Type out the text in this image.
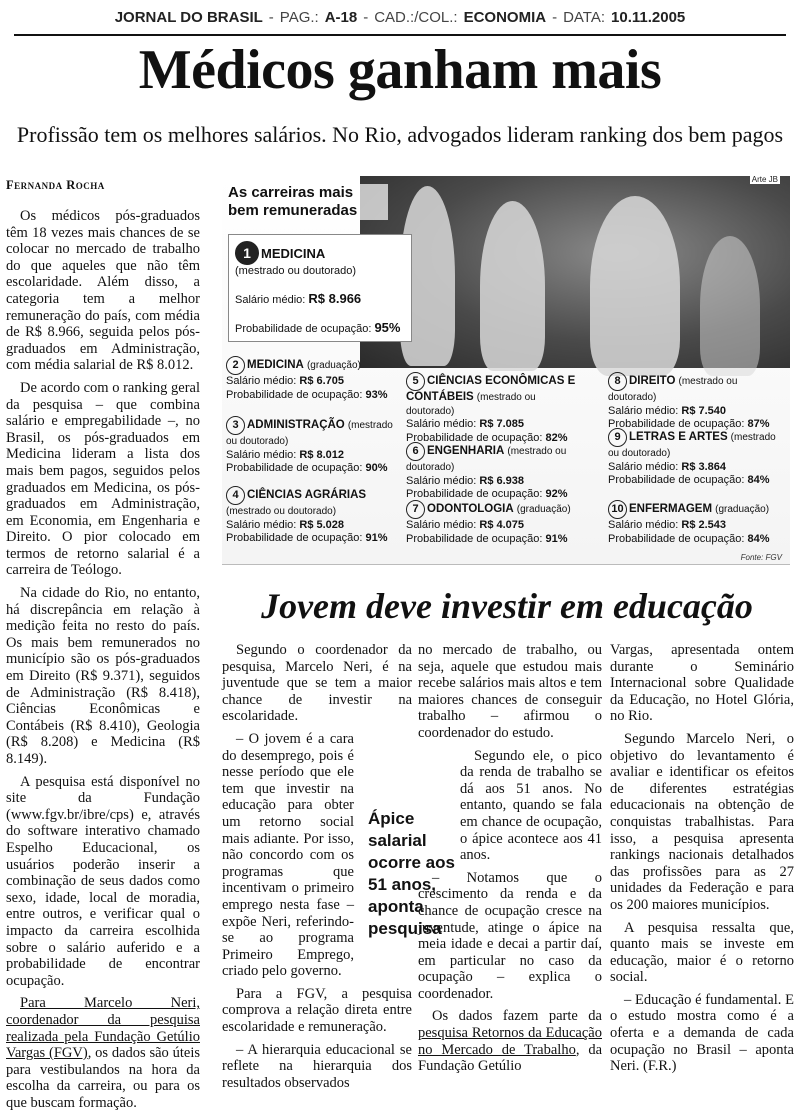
JORNAL DO BRASIL - PAG.: A-18 - CAD.:/COL.: ECONOMIA - DATA: 10.11.2005
Médicos ganham mais
Profissão tem os melhores salários. No Rio, advogados lideram ranking dos bem pagos
Fernanda Rocha

Os médicos pós-graduados têm 18 vezes mais chances de se colocar no mercado de trabalho do que aqueles que não têm escolaridade. Além disso, a categoria tem a melhor remuneração do país, com média de R$ 8.966, seguida pelos pós-graduados em Administração, com média salarial de R$ 8.012.

De acordo com o ranking geral da pesquisa – que combina salário e empregabilidade –, no Brasil, os pós-graduados em Medicina lideram a lista dos mais bem pagos, seguidos pelos graduados em Medicina, os pós-graduados em Administração, em Economia, em Engenharia e Direito. O pior colocado em termos de retorno salarial é a carreira de Teólogo.

Na cidade do Rio, no entanto, há discrepância em relação à medição feita no resto do país. Os mais bem remunerados no município são os pós-graduados em Direito (R$ 9.371), seguidos de Administração (R$ 8.418), Ciências Econômicas e Contábeis (R$ 8.410), Geologia (R$ 8.208) e Medicina (R$ 8.149).

A pesquisa está disponível no site da Fundação (www.fgv.br/ibre/cps) e, através do software interativo chamado Espelho Educacional, os usuários poderão inserir a combinação de seus dados como sexo, idade, local de moradia, entre outros, e verificar qual o impacto da carreira escolhida sobre o salário auferido e a probabilidade de encontrar ocupação.

Para Marcelo Neri, coordenador da pesquisa realizada pela Fundação Getúlio Vargas (FGV), os dados são úteis para vestibulandos na hora da escolha da carreira, ou para os que buscam formação.

Arte JB
As carreiras mais bem remuneradas
1 MEDICINA
(mestrado ou doutorado)
Salário médio: R$ 8.966
Probabilidade de ocupação: 95%
2 MEDICINA (graduação)
Salário médio: R$ 6.705
Probabilidade de ocupação: 93%
3 ADMINISTRAÇÃO (mestrado ou doutorado)
Salário médio: R$ 8.012
Probabilidade de ocupação: 90%
4 CIÊNCIAS AGRÁRIAS (mestrado ou doutorado)
Salário médio: R$ 5.028
Probabilidade de ocupação: 91%
5 CIÊNCIAS ECONÔMICAS E CONTÁBEIS (mestrado ou doutorado)
Salário médio: R$ 7.085
Probabilidade de ocupação: 82%
6 ENGENHARIA (mestrado ou doutorado)
Salário médio: R$ 6.938
Probabilidade de ocupação: 92%
7 ODONTOLOGIA (graduação)
Salário médio: R$ 4.075
Probabilidade de ocupação: 91%
8 DIREITO (mestrado ou doutorado)
Salário médio: R$ 7.540
Probabilidade de ocupação: 87%
9 LETRAS E ARTES (mestrado ou doutorado)
Salário médio: R$ 3.864
Probabilidade de ocupação: 84%
10 ENFERMAGEM (graduação)
Salário médio: R$ 2.543
Probabilidade de ocupação: 84%
Fonte: FGV
Jovem deve investir em educação

Segundo o coordenador da pesquisa, Marcelo Neri, é na juventude que se tem a maior chance de investir na escolaridade.

– O jovem é a cara do desemprego, pois é nesse período que ele tem que investir na educação para obter um retorno social mais adiante. Por isso, não concordo com os programas que incentivam o primeiro emprego nesta fase – expõe Neri, referindo-se ao programa Primeiro Emprego, criado pelo governo.

Para a FGV, a pesquisa comprova a relação direta entre escolaridade e remuneração.

– A hierarquia educacional se reflete na hierarquia dos resultados observados

Ápice salarial ocorre aos 51 anos, aponta pesquisa

no mercado de trabalho, ou seja, aquele que estudou mais recebe salários mais altos e tem maiores chances de conseguir trabalho – afirmou o coordenador do estudo.

Segundo ele, o pico da renda de trabalho se dá aos 51 anos. No entanto, quando se fala em chance de ocupação, o ápice acontece aos 41 anos.

– Notamos que o crescimento da renda e da chance de ocupação cresce na juventude, atinge o ápice na meia idade e decai a partir daí, em particular no caso da ocupação – explica o coordenador.

Os dados fazem parte da pesquisa Retornos da Educação no Mercado de Trabalho, da Fundação Getúlio

Vargas, apresentada ontem durante o Seminário Internacional sobre Qualidade da Educação, no Hotel Glória, no Rio.

Segundo Marcelo Neri, o objetivo do levantamento é avaliar e identificar os efeitos de diferentes estratégias educacionais na obtenção de conquistas trabalhistas. Para isso, a pesquisa apresenta rankings nacionais detalhados das profissões para as 27 unidades da Federação e para os 200 maiores municípios.

A pesquisa ressalta que, quanto mais se investe em educação, maior é o retorno social.

– Educação é fundamental. E o estudo mostra como é a oferta e a demanda de cada ocupação no Brasil – aponta Neri. (F.R.)
